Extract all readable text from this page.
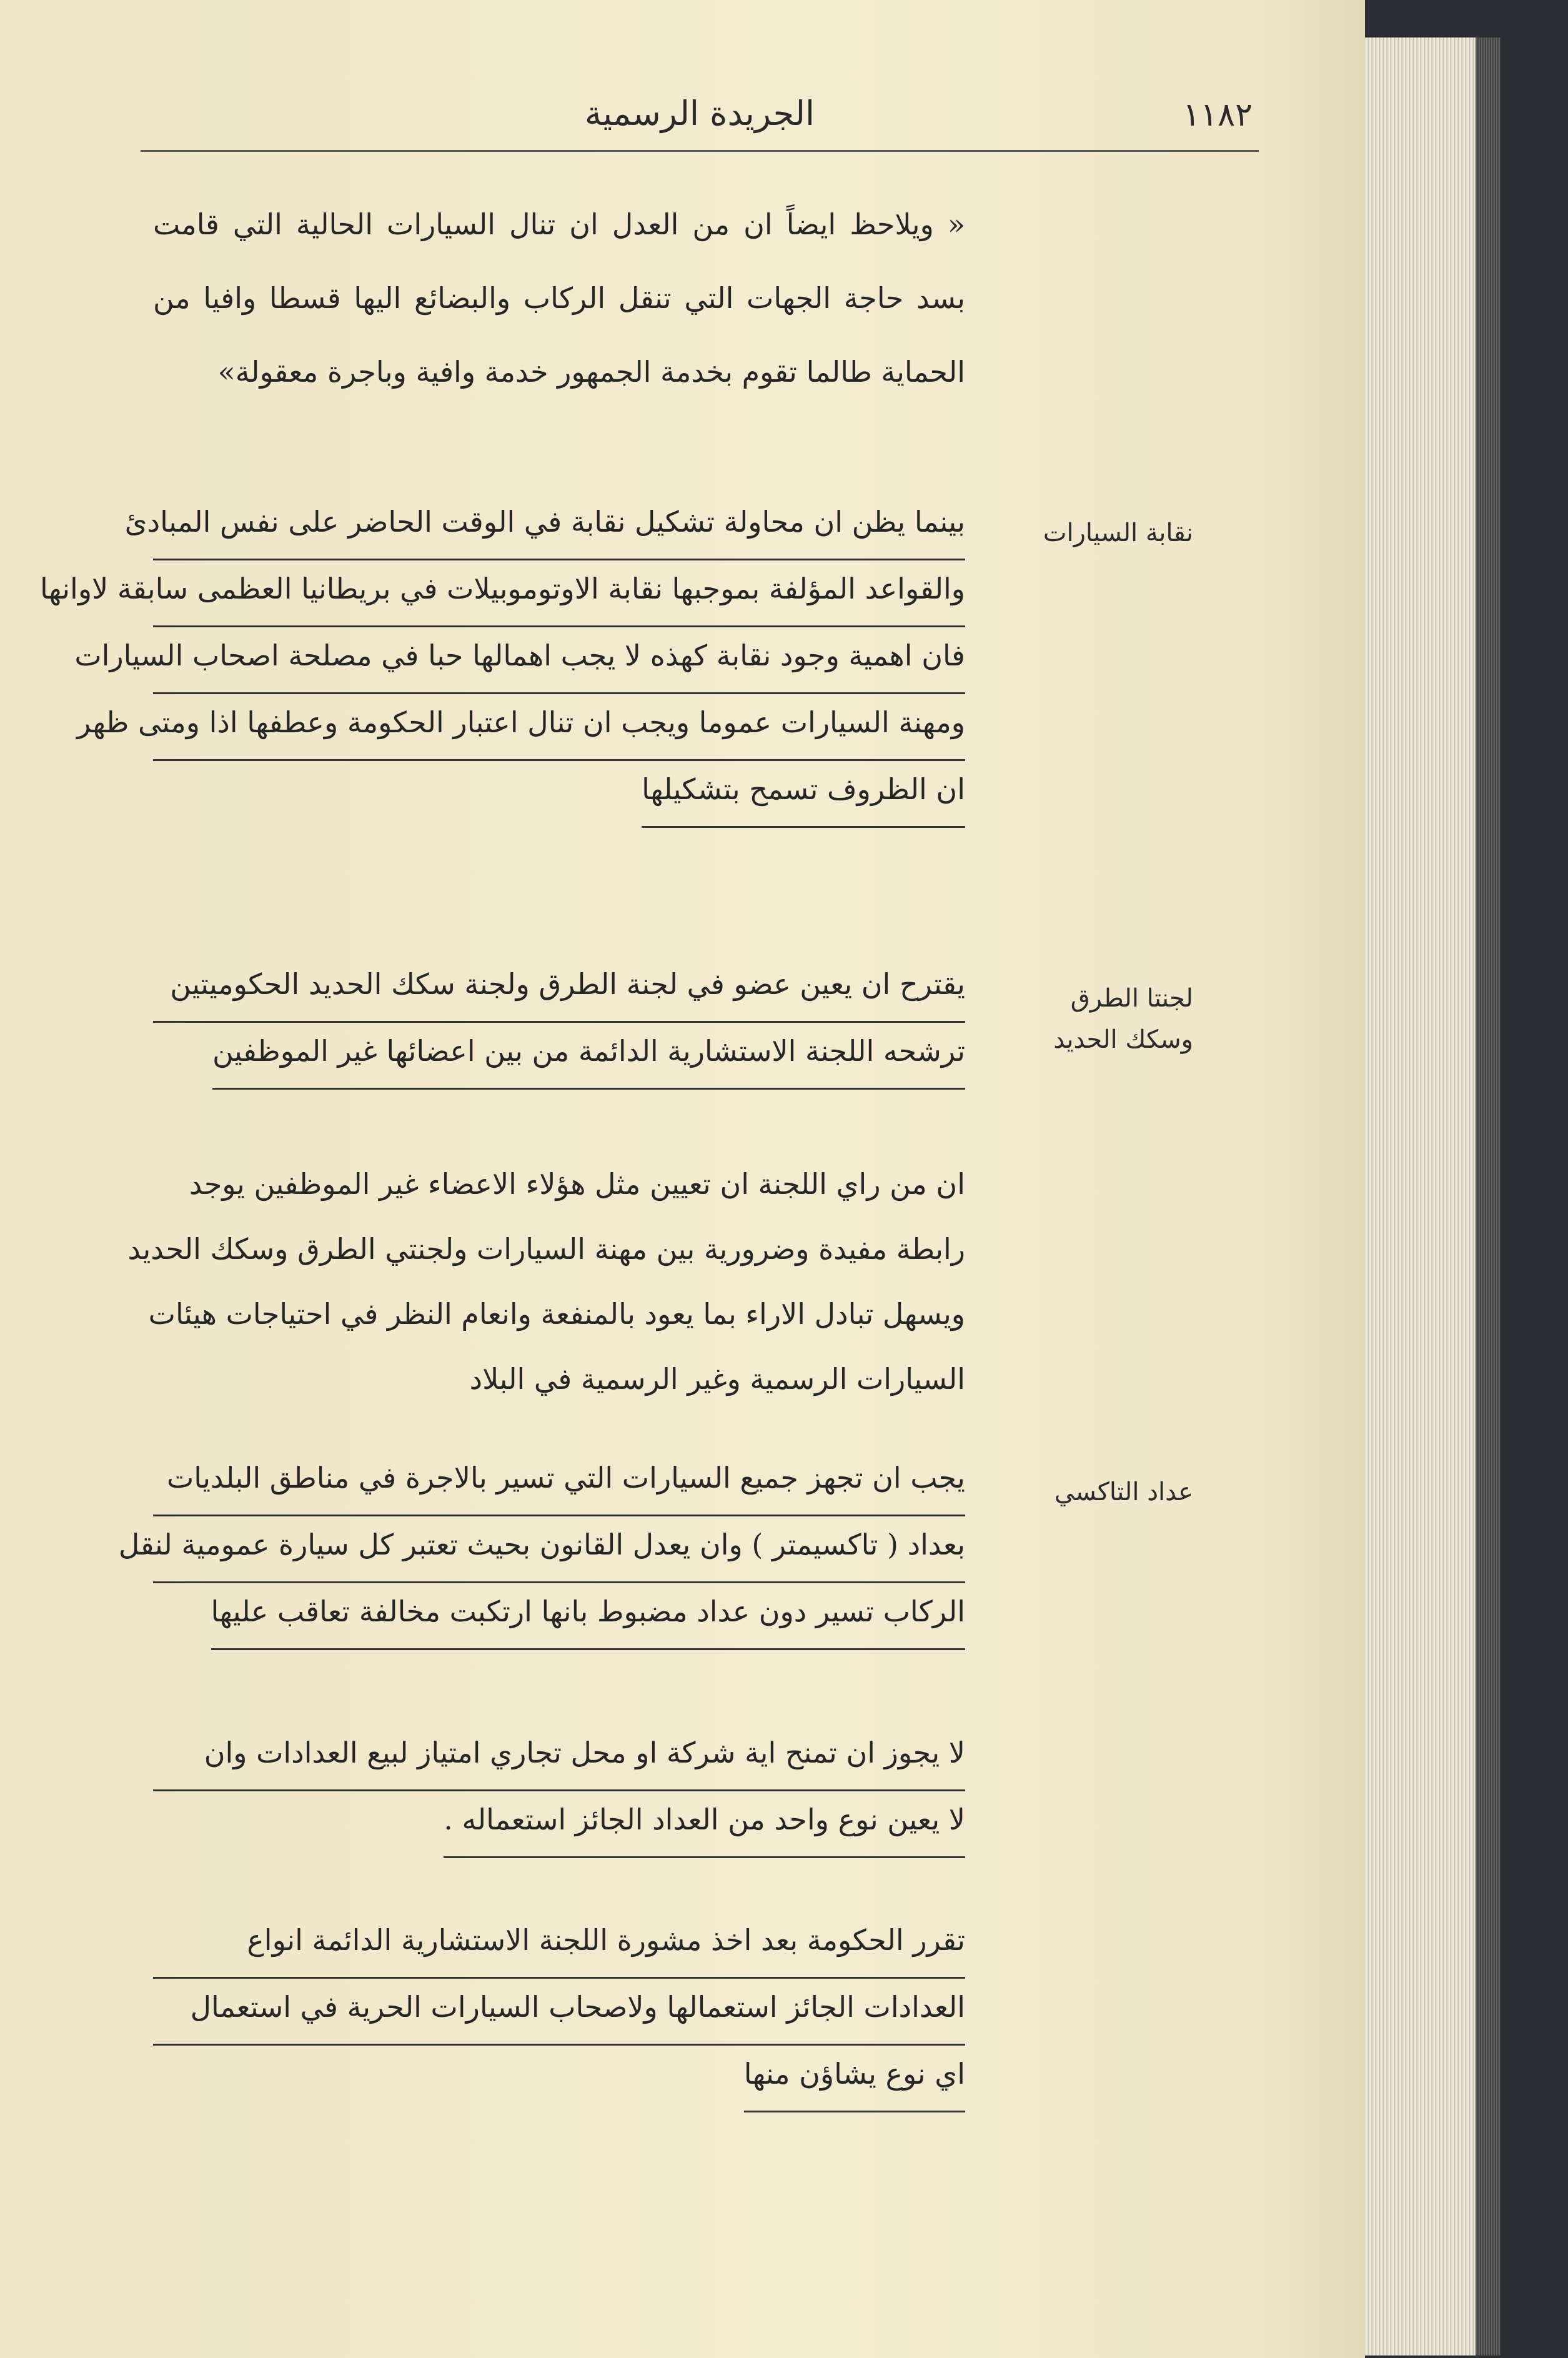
الجريدة الرسمية	١١٨٢
« ويلاحظ ايضاً ان من العدل ان تنال السيارات الحالية التي قامت بسد حاجة الجهات التي تنقل الركاب والبضائع اليها قسطا وافيا من الحماية طالما تقوم بخدمة الجمهور خدمة وافية وباجرة معقولة»
نقابة السيارات
بينما يظن ان محاولة تشكيل نقابة في الوقت الحاضر على نفس المبادئ
والقواعد المؤلفة بموجبها نقابة الاوتوموبيلات في بريطانيا العظمى سابقة لاوانها
فان اهمية وجود نقابة كهذه لا يجب اهمالها حبا في مصلحة اصحاب السيارات
ومهنة السيارات عموما ويجب ان تنال اعتبار الحكومة وعطفها اذا ومتى ظهر
ان الظروف تسمح بتشكيلها
لجنتا الطرق وسكك الحديد
يقترح ان يعين عضو في لجنة الطرق ولجنة سكك الحديد الحكوميتين
ترشحه اللجنة الاستشارية الدائمة من بين اعضائها غير الموظفين
ان من راي اللجنة ان تعيين مثل هؤلاء الاعضاء غير الموظفين يوجد
رابطة مفيدة وضرورية بين مهنة السيارات ولجنتي الطرق وسكك الحديد
ويسهل تبادل الاراء بما يعود بالمنفعة وانعام النظر في احتياجات هيئات
السيارات الرسمية وغير الرسمية في البلاد
عداد التاكسي
يجب ان تجهز جميع السيارات التي تسير بالاجرة في مناطق البلديات
بعداد ( تاكسيمتر ) وان يعدل القانون بحيث تعتبر كل سيارة عمومية لنقل
الركاب تسير دون عداد مضبوط بانها ارتكبت مخالفة تعاقب عليها
لا يجوز ان تمنح اية شركة او محل تجاري امتياز لبيع العدادات وان
لا يعين نوع واحد من العداد الجائز استعماله .
تقرر الحكومة بعد اخذ مشورة اللجنة الاستشارية الدائمة انواع
العدادات الجائز استعمالها ولاصحاب السيارات الحرية في استعمال
اي نوع يشاؤن منها
